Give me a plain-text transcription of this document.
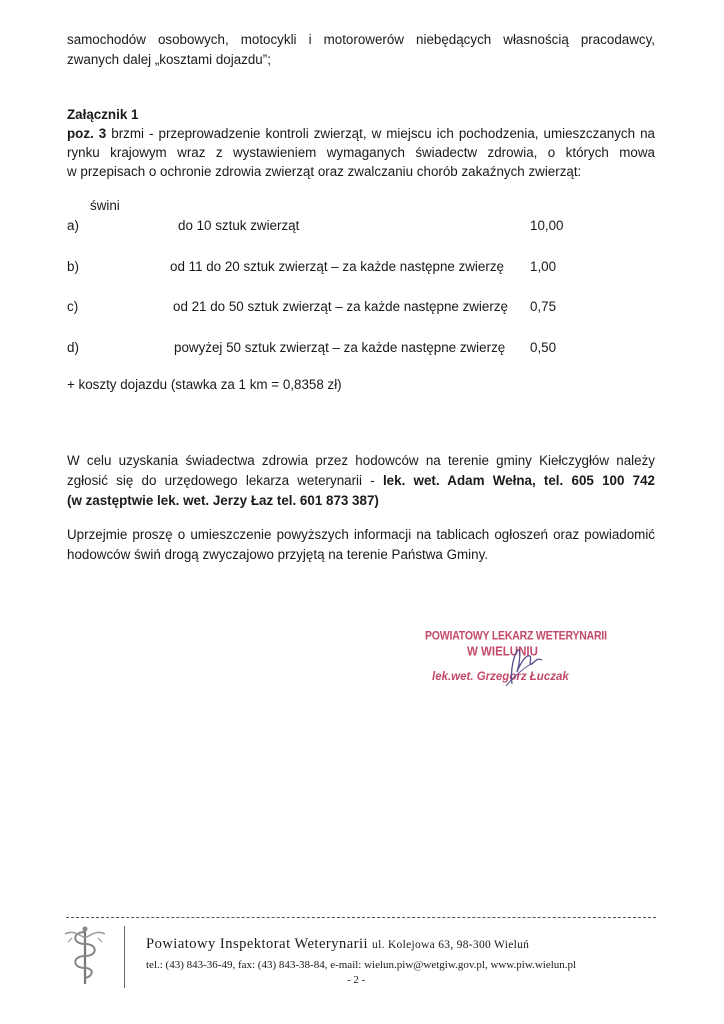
samochodów osobowych, motocykli i motorowerów niebędących własnością pracodawcy,
zwanych dalej „kosztami dojazdu”;
Załącznik 1
poz. 3 brzmi - przeprowadzenie kontroli zwierząt, w miejscu ich pochodzenia, umieszczanych na
rynku krajowym wraz z wystawieniem wymaganych świadectw zdrowia, o których mowa
w przepisach o ochronie zdrowia zwierząt oraz zwalczaniu chorób zakaźnych zwierząt:
świni
a)	do 10 sztuk zwierząt	10,00
b)	od 11 do 20 sztuk zwierząt – za każde następne zwierzę 1,00
c)	od 21 do 50 sztuk zwierząt – za każde następne zwierzę 0,75
d)	powyżej 50 sztuk zwierząt – za każde następne zwierzę 0,50
+ koszty dojazdu (stawka za 1 km = 0,8358 zł)
W celu uzyskania świadectwa zdrowia przez hodowców na terenie gminy Kiełczygłów należy
zgłosić się do urzędowego lekarza weterynarii - lek. wet. Adam Wełna, tel. 605 100 742
(w zastęptwie lek. wet. Jerzy Łaz tel. 601 873 387)
Uprzejmie proszę o umieszczenie powyższych informacji na tablicach ogłoszeń oraz powiadomić
hodowców świń drogą zwyczajowo przyjętą na terenie Państwa Gminy.
POWIATOWY LEKARZ WETERYNARII
W WIELUNIU
lek.wet. Grzegorz Łuczak
Powiatowy Inspektorat Weterynarii ul. Kolejowa 63, 98-300 Wieluń
tel.: (43) 843-36-49, fax: (43) 843-38-84, e-mail: wielun.piw@wetgiw.gov.pl, www.piw.wielun.pl
- 2 -
